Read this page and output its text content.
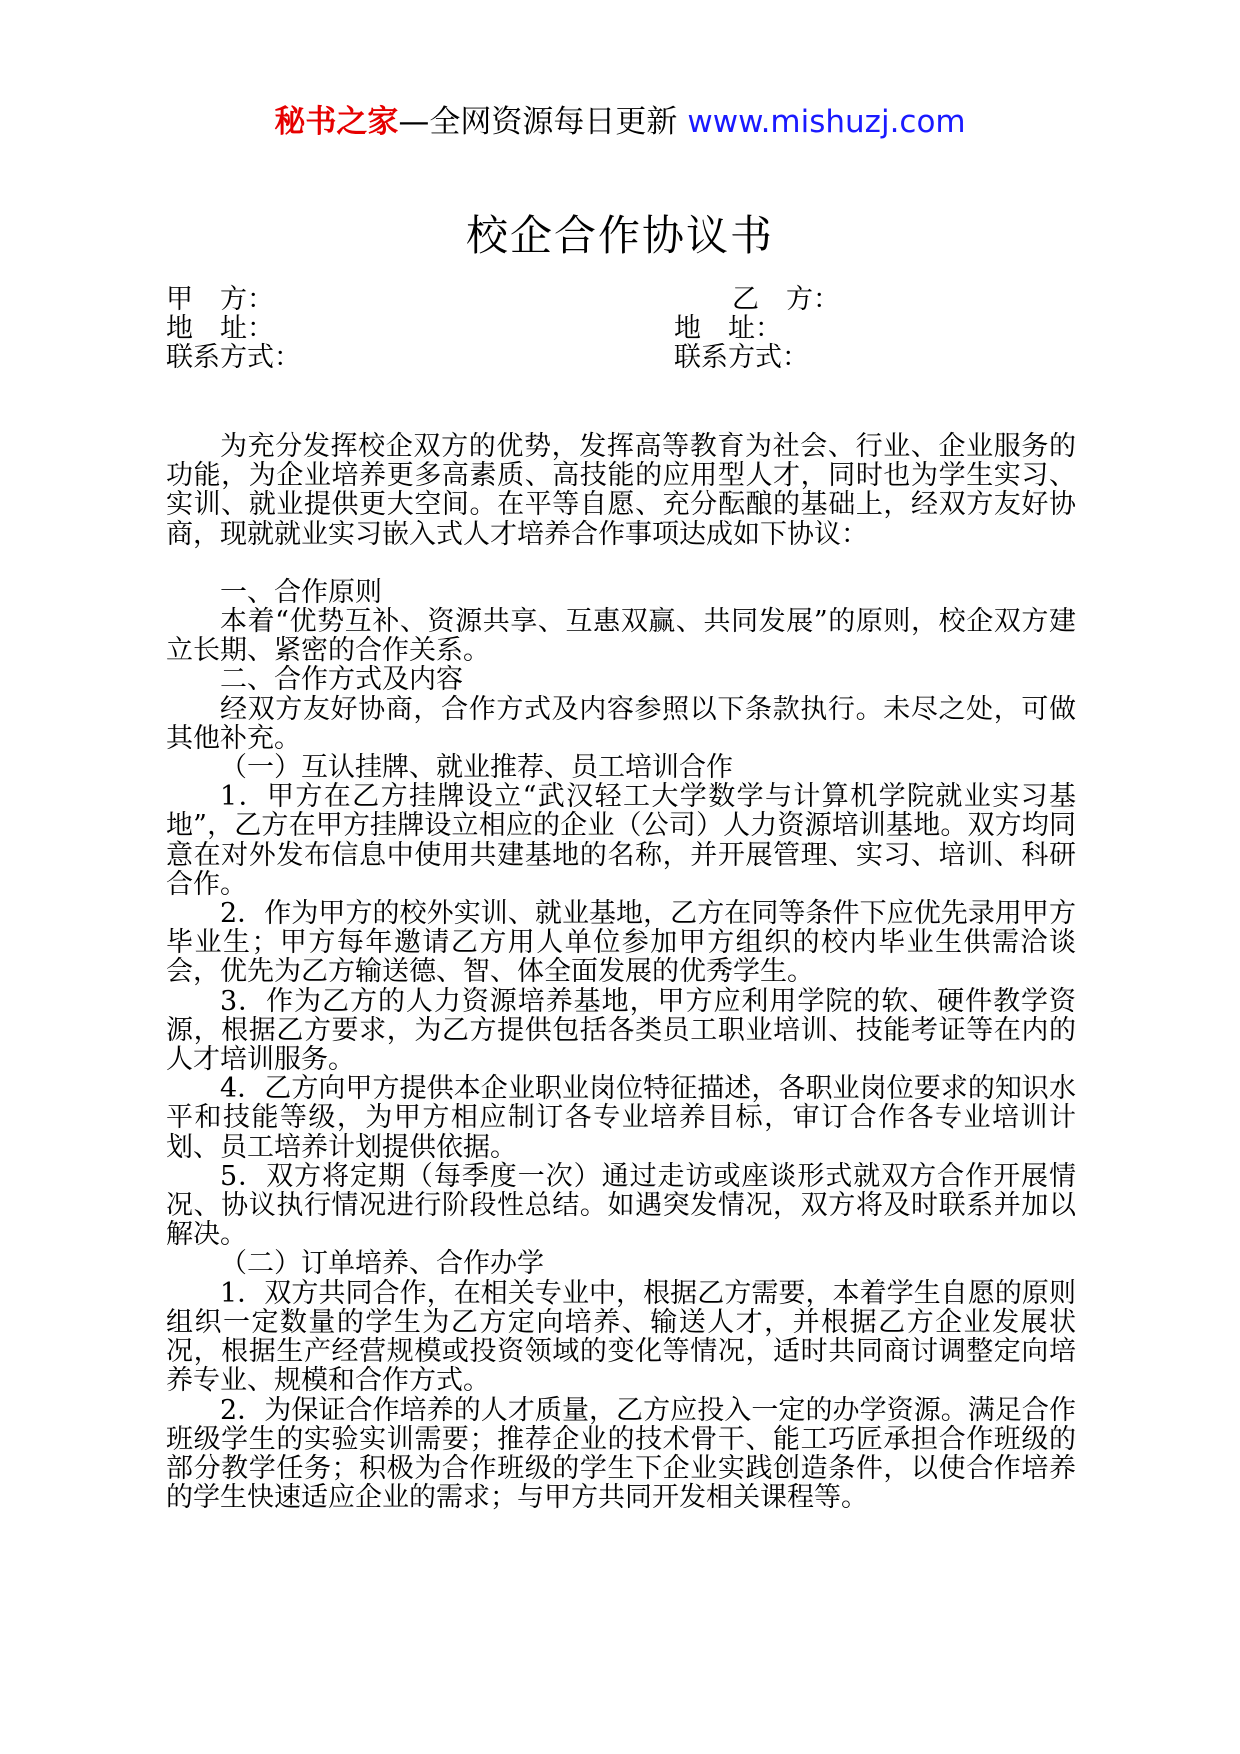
秘书之家—全网资源每日更新 www.mishuzj.com
校企合作协议书
甲　方：	乙　方：
地　址：	地　址：
联系方式：	联系方式：

为充分发挥校企双方的优势，发挥高等教育为社会、行业、企业服务的功能，为企业培养更多高素质、高技能的应用型人才，同时也为学生实习、实训、就业提供更大空间。在平等自愿、充分酝酿的基础上，经双方友好协商，现就就业实习嵌入式人才培养合作事项达成如下协议：

一、合作原则

本着“优势互补、资源共享、互惠双赢、共同发展”的原则，校企双方建立长期、紧密的合作关系。

二、合作方式及内容

经双方友好协商，合作方式及内容参照以下条款执行。未尽之处，可做其他补充。

（一）互认挂牌、就业推荐、员工培训合作

1．甲方在乙方挂牌设立“武汉轻工大学数学与计算机学院就业实习基地”，乙方在甲方挂牌设立相应的企业（公司）人力资源培训基地。双方均同意在对外发布信息中使用共建基地的名称，并开展管理、实习、培训、科研合作。

2．作为甲方的校外实训、就业基地，乙方在同等条件下应优先录用甲方毕业生；甲方每年邀请乙方用人单位参加甲方组织的校内毕业生供需洽谈会，优先为乙方输送德、智、体全面发展的优秀学生。

3．作为乙方的人力资源培养基地，甲方应利用学院的软、硬件教学资源，根据乙方要求，为乙方提供包括各类员工职业培训、技能考证等在内的人才培训服务。

4．乙方向甲方提供本企业职业岗位特征描述，各职业岗位要求的知识水平和技能等级，为甲方相应制订各专业培养目标，审订合作各专业培训计划、员工培养计划提供依据。

5．双方将定期（每季度一次）通过走访或座谈形式就双方合作开展情况、协议执行情况进行阶段性总结。如遇突发情况，双方将及时联系并加以解决。

（二）订单培养、合作办学

1．双方共同合作，在相关专业中，根据乙方需要，本着学生自愿的原则组织一定数量的学生为乙方定向培养、输送人才，并根据乙方企业发展状况，根据生产经营规模或投资领域的变化等情况，适时共同商讨调整定向培养专业、规模和合作方式。

2．为保证合作培养的人才质量，乙方应投入一定的办学资源。满足合作班级学生的实验实训需要；推荐企业的技术骨干、能工巧匠承担合作班级的部分教学任务；积极为合作班级的学生下企业实践创造条件，以使合作培养的学生快速适应企业的需求；与甲方共同开发相关课程等。
